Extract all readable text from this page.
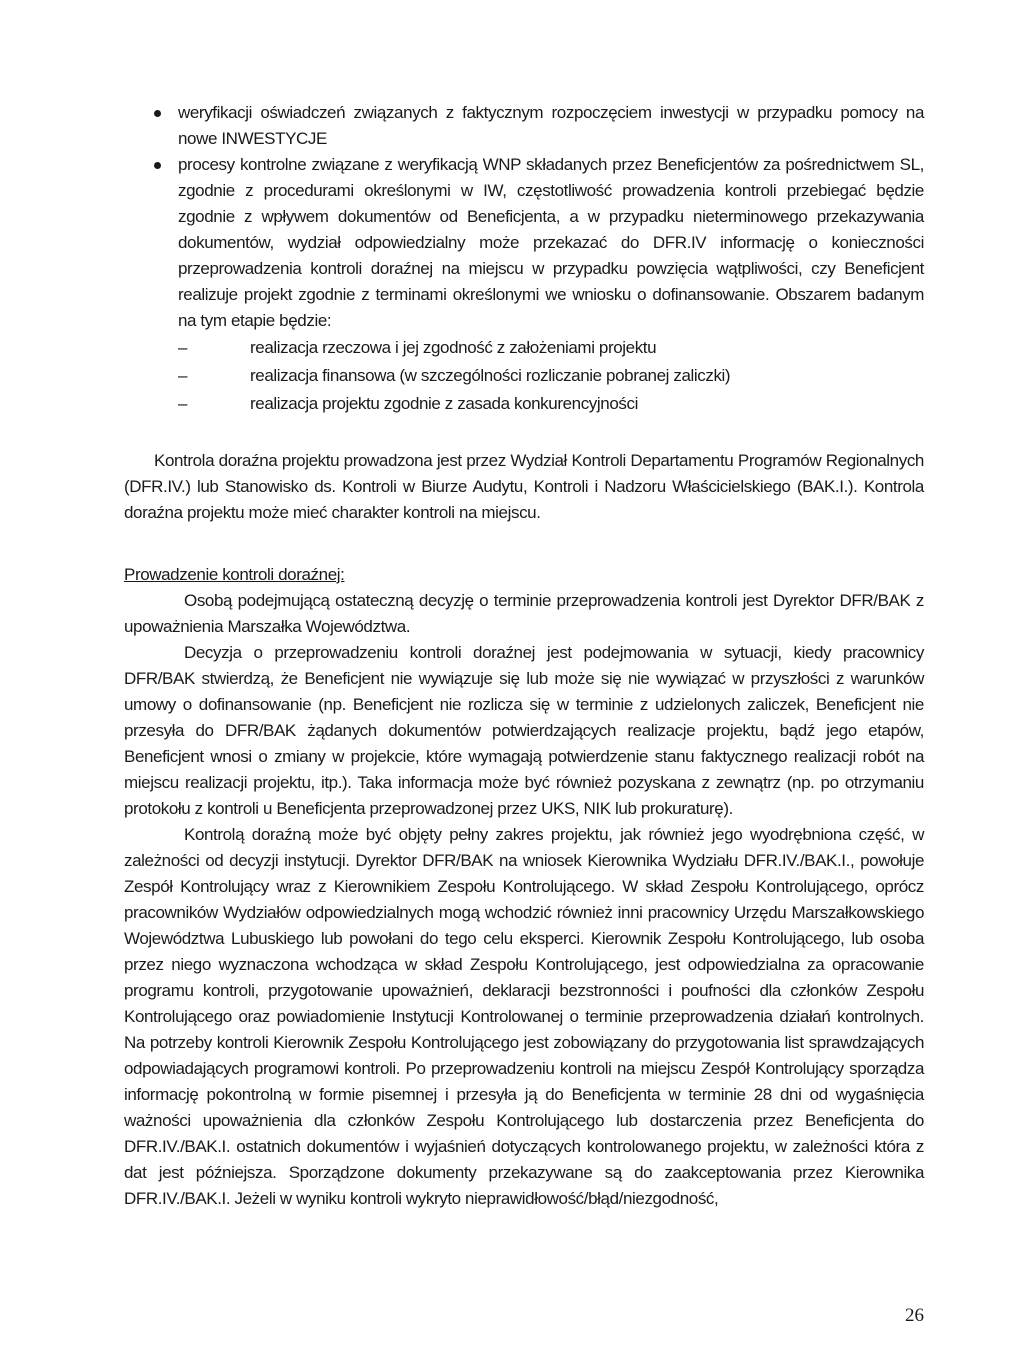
weryfikacji oświadczeń związanych z faktycznym rozpoczęciem inwestycji w przypadku pomocy na nowe INWESTYCJE
procesy kontrolne związane z weryfikacją WNP składanych przez Beneficjentów za pośrednictwem SL, zgodnie z procedurami określonymi w IW, częstotliwość prowadzenia kontroli przebiegać będzie zgodnie z wpływem dokumentów od Beneficjenta, a w przypadku nieterminowego przekazywania dokumentów, wydział odpowiedzialny może przekazać do DFR.IV informację o konieczności przeprowadzenia kontroli doraźnej na miejscu w przypadku powzięcia wątpliwości, czy Beneficjent realizuje projekt zgodnie z terminami określonymi we wniosku o dofinansowanie. Obszarem badanym na tym etapie będzie:
–	realizacja rzeczowa i jej zgodność z założeniami projektu
–	realizacja finansowa (w szczególności rozliczanie pobranej zaliczki)
–	realizacja projektu zgodnie z zasada konkurencyjności

Kontrola doraźna projektu prowadzona jest przez Wydział Kontroli Departamentu Programów Regionalnych (DFR.IV.) lub Stanowisko ds. Kontroli w Biurze Audytu, Kontroli i Nadzoru Właścicielskiego (BAK.I.). Kontrola doraźna projektu może mieć charakter kontroli na miejscu.

Prowadzenie kontroli doraźnej:

Osobą podejmującą ostateczną decyzję o terminie przeprowadzenia kontroli jest Dyrektor DFR/BAK z upoważnienia Marszałka Województwa.

Decyzja o przeprowadzeniu kontroli doraźnej jest podejmowania w sytuacji, kiedy pracownicy DFR/BAK stwierdzą, że Beneficjent nie wywiązuje się lub może się nie wywiązać w przyszłości z warunków umowy o dofinansowanie (np. Beneficjent nie rozlicza się w terminie z udzielonych zaliczek, Beneficjent nie przesyła do DFR/BAK żądanych dokumentów potwierdzających realizacje projektu, bądź jego etapów, Beneficjent wnosi o zmiany w projekcie, które wymagają potwierdzenie stanu faktycznego realizacji robót na miejscu realizacji projektu, itp.). Taka informacja może być również pozyskana z zewnątrz (np. po otrzymaniu protokołu z kontroli u Beneficjenta przeprowadzonej przez UKS, NIK lub prokuraturę).

Kontrolą doraźną może być objęty pełny zakres projektu, jak również jego wyodrębniona część, w zależności od decyzji instytucji. Dyrektor DFR/BAK na wniosek Kierownika Wydziału DFR.IV./BAK.I., powołuje Zespół Kontrolujący wraz z Kierownikiem Zespołu Kontrolującego. W skład Zespołu Kontrolującego, oprócz pracowników Wydziałów odpowiedzialnych mogą wchodzić również inni pracownicy Urzędu Marszałkowskiego Województwa Lubuskiego lub powołani do tego celu eksperci. Kierownik Zespołu Kontrolującego, lub osoba przez niego wyznaczona wchodząca w skład Zespołu Kontrolującego, jest odpowiedzialna za opracowanie programu kontroli, przygotowanie upoważnień, deklaracji bezstronności i poufności dla członków Zespołu Kontrolującego oraz powiadomienie Instytucji Kontrolowanej o terminie przeprowadzenia działań kontrolnych. Na potrzeby kontroli Kierownik Zespołu Kontrolującego jest zobowiązany do przygotowania list sprawdzających odpowiadających programowi kontroli. Po przeprowadzeniu kontroli na miejscu Zespół Kontrolujący sporządza informację pokontrolną w formie pisemnej i przesyła ją do Beneficjenta w terminie 28 dni od wygaśnięcia ważności upoważnienia dla członków Zespołu Kontrolującego lub dostarczenia przez Beneficjenta do DFR.IV./BAK.I. ostatnich dokumentów i wyjaśnień dotyczących kontrolowanego projektu, w zależności która z dat jest późniejsza. Sporządzone dokumenty przekazywane są do zaakceptowania przez Kierownika DFR.IV./BAK.I. Jeżeli w wyniku kontroli wykryto nieprawidłowość/błąd/niezgodność,

26
